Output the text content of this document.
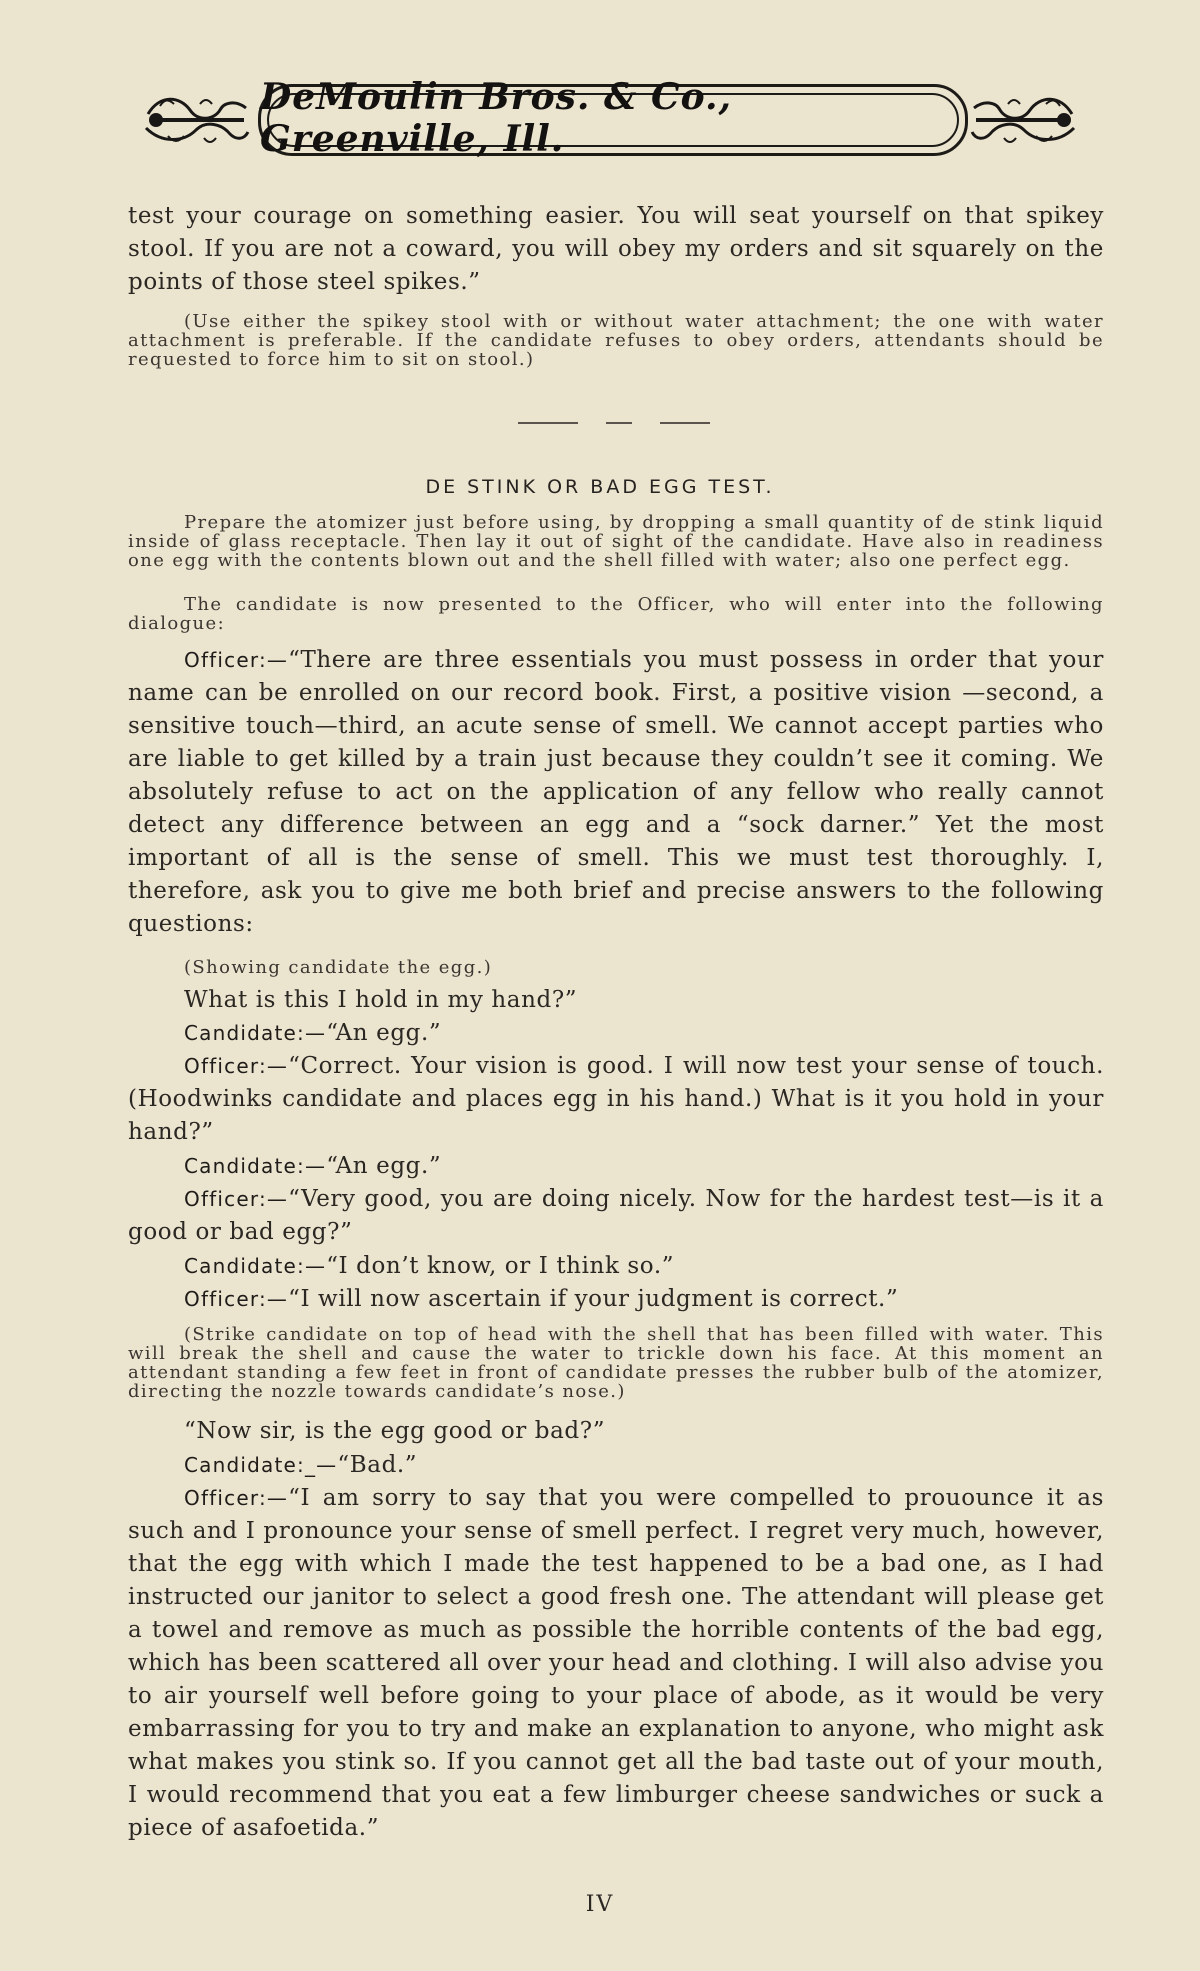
DeMoulin Bros. & Co., Greenville, Ill.

test your courage on something easier. You will seat yourself on that spikey stool. If you are not a coward, you will obey my orders and sit squarely on the points of those steel spikes.”

(Use either the spikey stool with or without water attachment; the one with water attachment is preferable. If the candidate refuses to obey orders, attendants should be requested to force him to sit on stool.)

DE STINK OR BAD EGG TEST.

Prepare the atomizer just before using, by dropping a small quantity of de stink liquid inside of glass receptacle. Then lay it out of sight of the candidate. Have also in readiness one egg with the contents blown out and the shell filled with water; also one perfect egg.

The candidate is now presented to the Officer, who will enter into the following dialogue:

Officer:—“There are three essentials you must possess in order that your name can be enrolled on our record book. First, a positive vision —second, a sensitive touch—third, an acute sense of smell. We cannot accept parties who are liable to get killed by a train just because they couldn’t see it coming. We absolutely refuse to act on the application of any fellow who really cannot detect any difference between an egg and a “sock darner.” Yet the most important of all is the sense of smell. This we must test thoroughly. I, therefore, ask you to give me both brief and precise answers to the following questions:

(Showing candidate the egg.)

What is this I hold in my hand?”

Candidate:—“An egg.”

Officer:—“Correct. Your vision is good. I will now test your sense of touch. (Hoodwinks candidate and places egg in his hand.) What is it you hold in your hand?”

Candidate:—“An egg.”

Officer:—“Very good, you are doing nicely. Now for the hardest test—is it a good or bad egg?”

Candidate:—“I don’t know, or I think so.”

Officer:—“I will now ascertain if your judgment is correct.”

(Strike candidate on top of head with the shell that has been filled with water. This will break the shell and cause the water to trickle down his face. At this moment an attendant standing a few feet in front of candidate presses the rubber bulb of the atomizer, directing the nozzle towards candidate’s nose.)

“Now sir, is the egg good or bad?”

Candidate:_—“Bad.”

Officer:—“I am sorry to say that you were compelled to prouounce it as such and I pronounce your sense of smell perfect. I regret very much, however, that the egg with which I made the test happened to be a bad one, as I had instructed our janitor to select a good fresh one. The attendant will please get a towel and remove as much as possible the horrible contents of the bad egg, which has been scattered all over your head and clothing. I will also advise you to air yourself well before going to your place of abode, as it would be very embarrassing for you to try and make an explanation to anyone, who might ask what makes you stink so. If you cannot get all the bad taste out of your mouth, I would recommend that you eat a few limburger cheese sandwiches or suck a piece of asafoetida.”

IV
